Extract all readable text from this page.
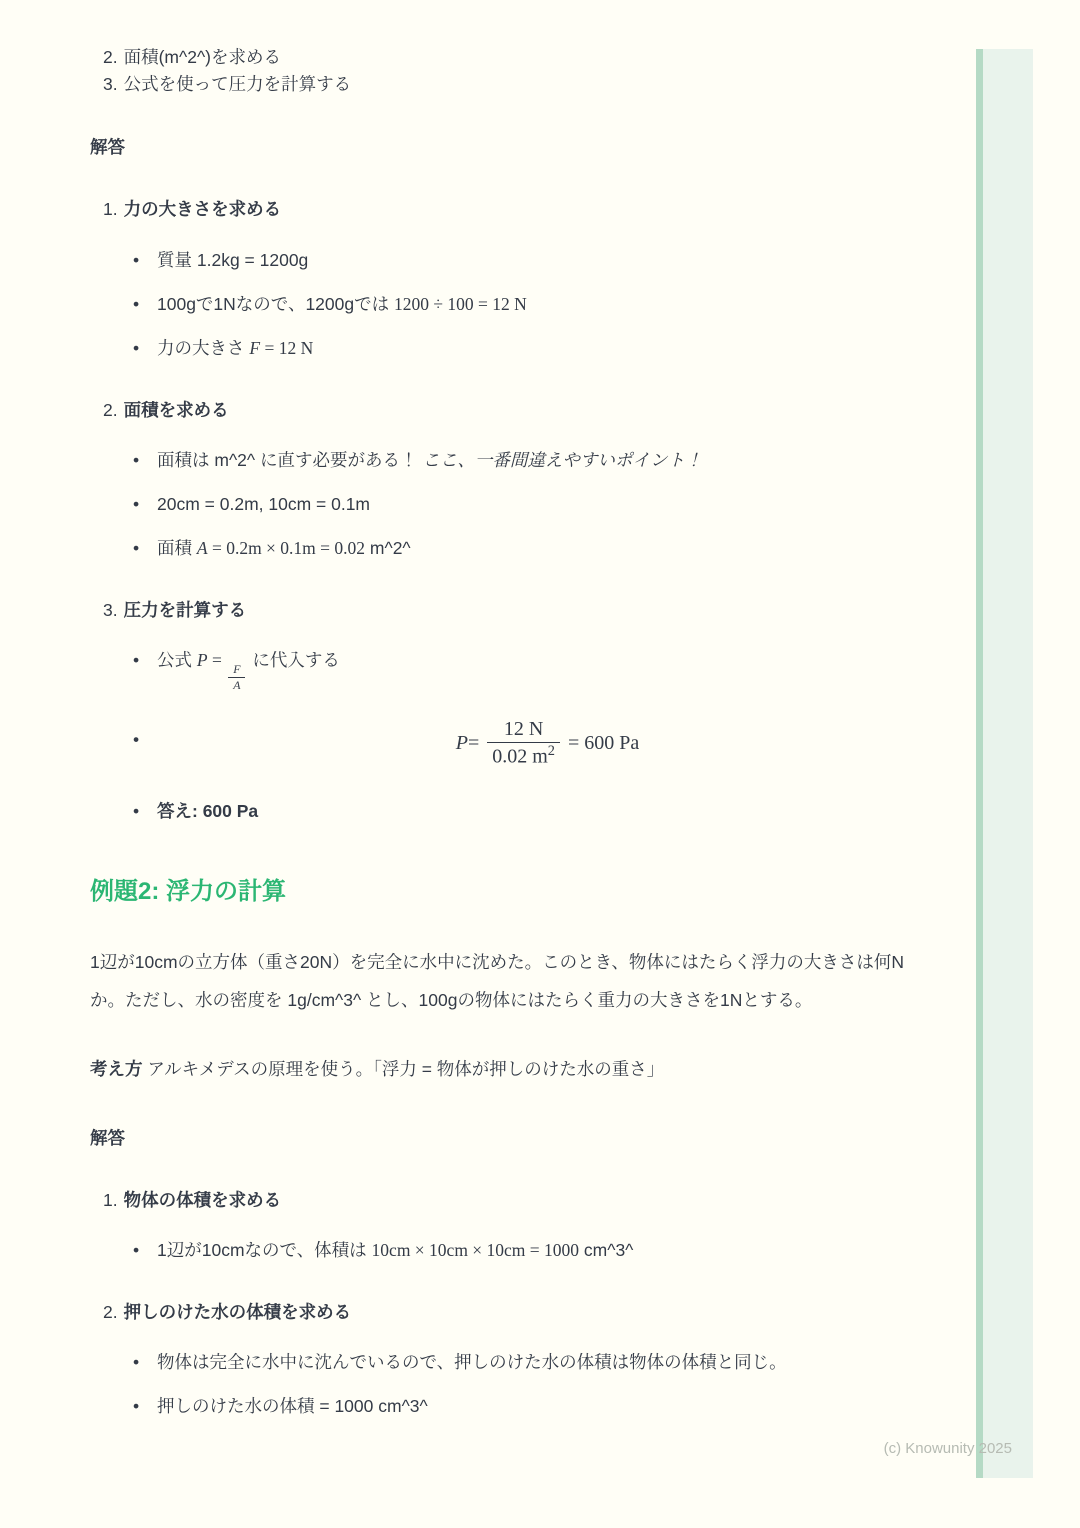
2. 面積(m^2^)を求める
3. 公式を使って圧力を計算する

解答

1. 力の大きさを求める
• 質量 1.2kg = 1200g
• 100gで1Nなので、1200gでは 1200 ÷ 100 = 12 N
• 力の大きさ F = 12 N
2. 面積を求める
• 面積は m^2^ に直す必要がある！ ここ、一番間違えやすいポイント！
• 20cm = 0.2m, 10cm = 0.1m
• 面積 A = 0.2m × 0.1m = 0.02 m^2^
3. 圧力を計算する
• 公式 P =
$\frac{F}{A}$
に代入する
• $P = \frac{12 N}{0.02 m^2} = 600$ Pa
• 答え: 600 Pa
例題2: 浮力の計算

1辺が10cmの立方体（重さ20N）を完全に水中に沈めた。このとき、物体にはたらく浮力の大きさは何Nか。ただし、水の密度を 1g/cm^3^ とし、100gの物体にはたらく重力の大きさを1Nとする。

考え方 アルキメデスの原理を使う。「浮力 = 物体が押しのけた水の重さ」

解答

1. 物体の体積を求める
• 1辺が10cmなので、体積は 10cm × 10cm × 10cm = 1000 cm^3^
2. 押しのけた水の体積を求める
• 物体は完全に水中に沈んでいるので、押しのけた水の体積は物体の体積と同じ。
• 押しのけた水の体積 = 1000 cm^3^
(c) Knowunity 2025
